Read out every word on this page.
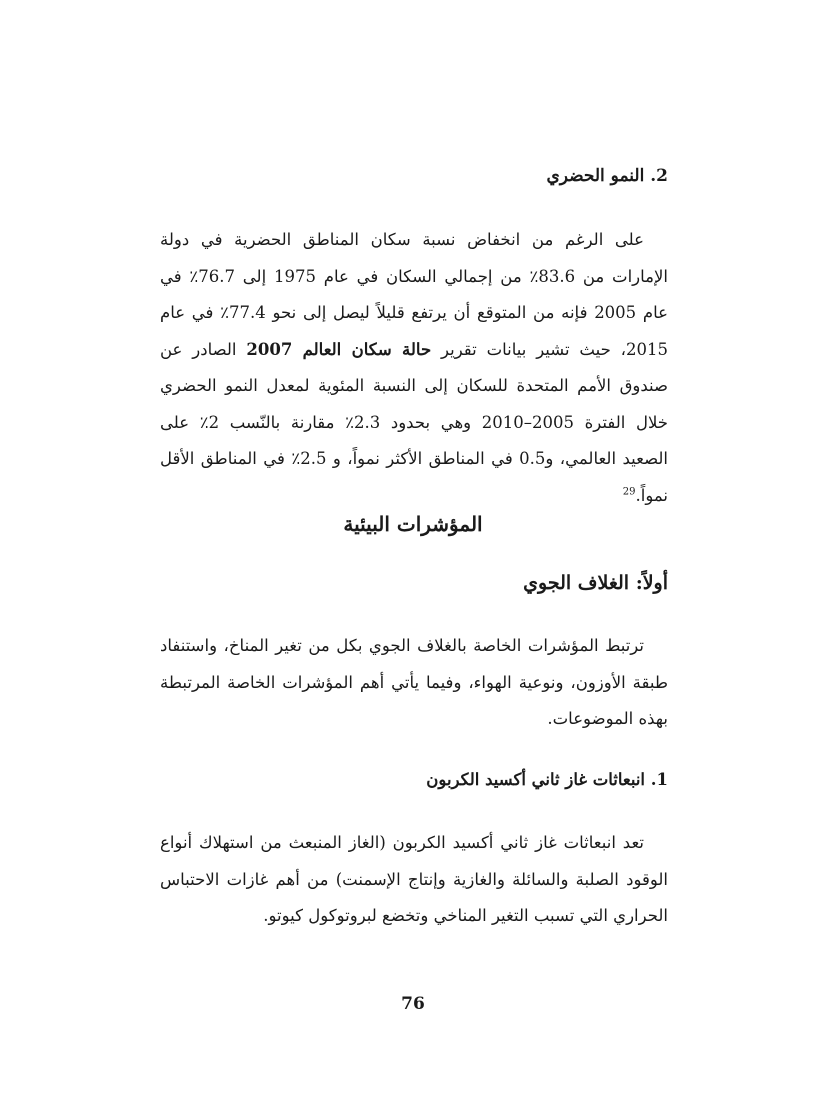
2. النمو الحضري
على الرغم من انخفاض نسبة سكان المناطق الحضرية في دولة الإمارات من 83.6٪ من إجمالي السكان في عام 1975 إلى 76.7٪ في عام 2005 فإنه من المتوقع أن يرتفع قليلاً ليصل إلى نحو 77.4٪ في عام 2015، حيث تشير بيانات تقرير حالة سكان العالم 2007 الصادر عن صندوق الأمم المتحدة للسكان إلى النسبة المئوية لمعدل النمو الحضري خلال الفترة 2005–2010 وهي بحدود 2.3٪ مقارنة بالنّسب 2٪ على الصعيد العالمي، و0.5 في المناطق الأكثر نمواً، و 2.5٪ في المناطق الأقل نمواً.$^{29}$
المؤشرات البيئية
أولاً: الغلاف الجوي
ترتبط المؤشرات الخاصة بالغلاف الجوي بكل من تغير المناخ، واستنفاد طبقة الأوزون، ونوعية الهواء، وفيما يأتي أهم المؤشرات الخاصة المرتبطة بهذه الموضوعات.
1. انبعاثات غاز ثاني أكسيد الكربون
تعد انبعاثات غاز ثاني أكسيد الكربون (الغاز المنبعث من استهلاك أنواع الوقود الصلبة والسائلة والغازية وإنتاج الإسمنت) من أهم غازات الاحتباس الحراري التي تسبب التغير المناخي وتخضع لبروتوكول كيوتو.
76
